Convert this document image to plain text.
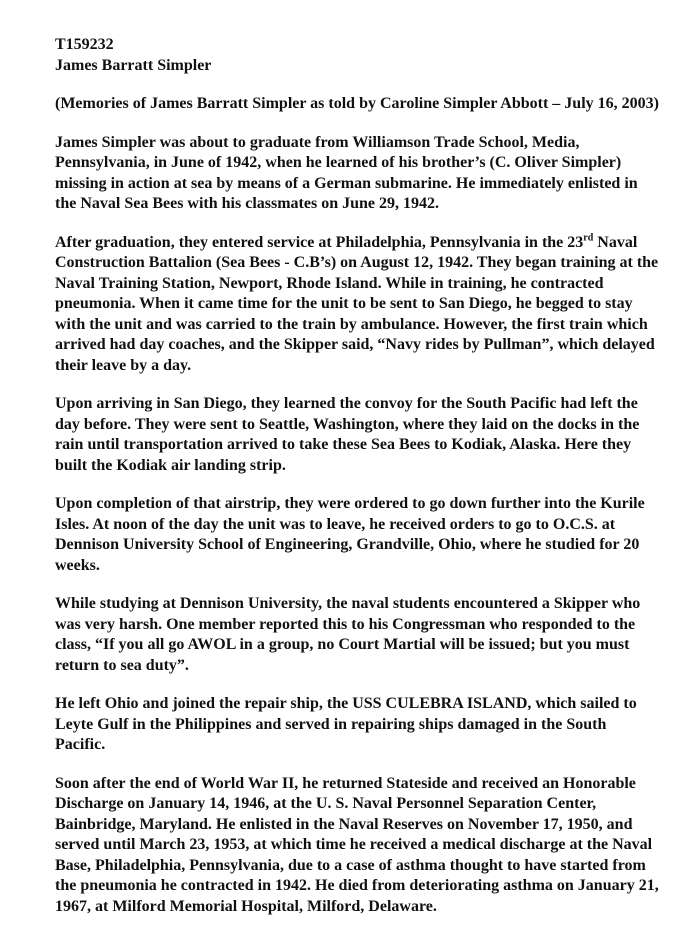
T159232
James Barratt Simpler

(Memories of James Barratt Simpler as told by Caroline Simpler Abbott – July 16, 2003)

James Simpler was about to graduate from Williamson Trade School, Media, Pennsylvania, in June of 1942, when he learned of his brother’s (C. Oliver Simpler) missing in action at sea by means of a German submarine. He immediately enlisted in the Naval Sea Bees with his classmates on June 29, 1942.

After graduation, they entered service at Philadelphia, Pennsylvania in the 23rd Naval Construction Battalion (Sea Bees - C.B’s) on August 12, 1942. They began training at the Naval Training Station, Newport, Rhode Island. While in training, he contracted pneumonia. When it came time for the unit to be sent to San Diego, he begged to stay with the unit and was carried to the train by ambulance. However, the first train which arrived had day coaches, and the Skipper said, “Navy rides by Pullman”, which delayed their leave by a day.

Upon arriving in San Diego, they learned the convoy for the South Pacific had left the day before. They were sent to Seattle, Washington, where they laid on the docks in the rain until transportation arrived to take these Sea Bees to Kodiak, Alaska. Here they built the Kodiak air landing strip.

Upon completion of that airstrip, they were ordered to go down further into the Kurile Isles. At noon of the day the unit was to leave, he received orders to go to O.C.S. at Dennison University School of Engineering, Grandville, Ohio, where he studied for 20 weeks.

While studying at Dennison University, the naval students encountered a Skipper who was very harsh. One member reported this to his Congressman who responded to the class, “If you all go AWOL in a group, no Court Martial will be issued; but you must return to sea duty”.

He left Ohio and joined the repair ship, the USS CULEBRA ISLAND, which sailed to Leyte Gulf in the Philippines and served in repairing ships damaged in the South Pacific.

Soon after the end of World War II, he returned Stateside and received an Honorable Discharge on January 14, 1946, at the U. S. Naval Personnel Separation Center, Bainbridge, Maryland. He enlisted in the Naval Reserves on November 17, 1950, and served until March 23, 1953, at which time he received a medical discharge at the Naval Base, Philadelphia, Pennsylvania, due to a case of asthma thought to have started from the pneumonia he contracted in 1942. He died from deteriorating asthma on January 21, 1967, at Milford Memorial Hospital, Milford, Delaware.
